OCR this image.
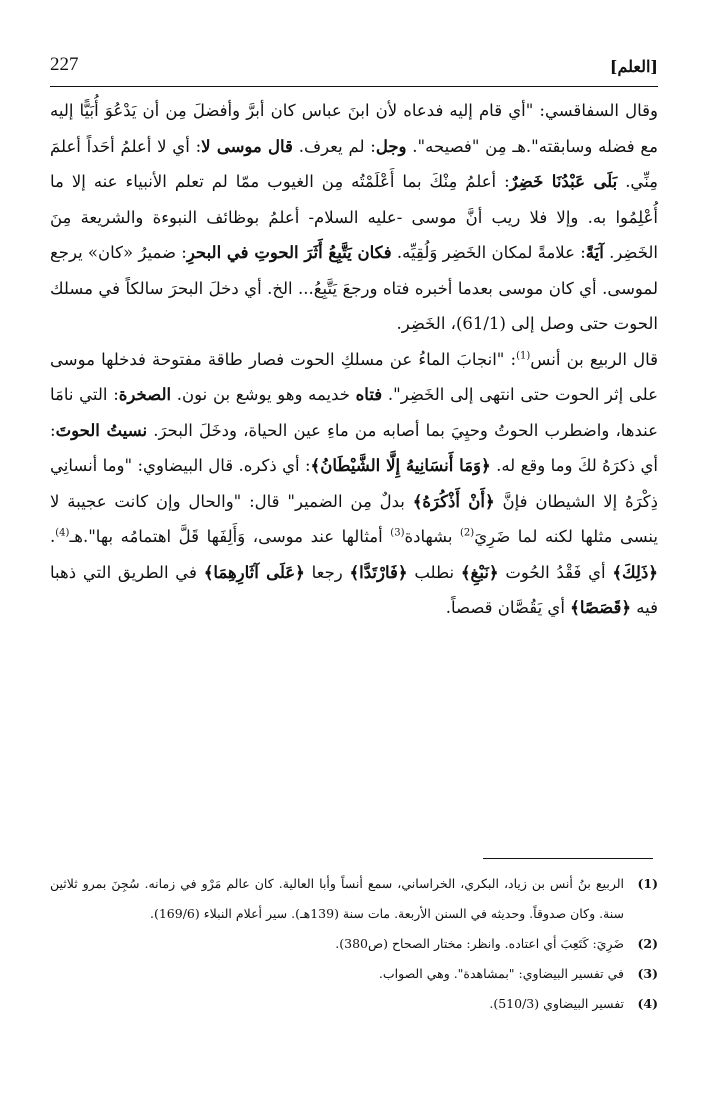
227	[العلم]

وقال السفاقسي: "أي قام إليه فدعاه لأن ابنَ عباس كان أبرَّ وأفضلَ مِن أن يَدْعُوَ أُبَيًّا إليه مع فضله وسابقته".هـ مِن "فصيحه". وجل: لم يعرف. قال موسى لا: أي لا أعلمُ أحَداً أعلمَ مِنِّي. بَلَى عَبْدُنَا خَضِرٌ: أعلمُ مِنْكَ بما أَعْلَمْتُه مِن الغيوب ممّا لم تعلم الأنبياء عنه إلا ما أُعْلِمُوا به. وإلا فلا ريب أنَّ موسى -عليه السلام- أعلمُ بوظائف النبوءة والشريعة مِنَ الخَضِر. آيَةً: علامةً لمكان الخَضِر وَلُقِيِّه. فكان يَتَّبِعُ أَثَرَ الحوتِ في البحرِ: ضميرُ «كان» يرجع لموسى. أي كان موسى بعدما أخبره فتاه ورجعَ يَتَّبِعُ... الخ. أي دخلَ البحرَ سالكاً في مسلك الحوت حتى وصل إلى (61/1)، الخَضِر.

قال الربيع بن أنس$^{(1)}$: "انجابَ الماءُ عن مسلكِ الحوت فصار طاقة مفتوحة فدخلها موسى على إثر الحوت حتى انتهى إلى الخَضِر". فتاه خديمه وهو يوشع بن نون. الصخرة: التي نامَا عندها، واضطرب الحوتُ وحيِيَ بما أصابه من ماءِ عين الحياة، ودخَلَ البحرَ. نسيتُ الحوتَ: أي ذكرَهُ لكَ وما وقع له. ﴿وَمَا أَنسَانِيهُ إِلَّا الشَّيْطَانُ﴾: أي ذكره. قال البيضاوي: "وما أنسانِي ذِكْرَهُ إلا الشيطان فإنَّ ﴿أَنْ أَذْكُرَهُ﴾ بدلٌ مِن الضمير" قال: "والحال وإن كانت عجيبة لا ينسى مثلها لكنه لما ضَرِيَ$^{(2)}$ بشهادة$^{(3)}$ أمثالها عند موسى، وَأَلِفَها قَلَّ اهتمامُه بها".هـ$^{(4)}$. ﴿ذَلِكَ﴾ أي فَقْدُ الحُوت ﴿نَبْغِ﴾ نطلب ﴿فَارْتَدَّا﴾ رجعا ﴿عَلَى آثَارِهِمَا﴾ في الطريق التي ذهبا فيه ﴿قَصَصًا﴾ أي يَقُصَّان قصصاً.

(1)
الربيع بنُ أنس بن زياد، البكري، الخراساني، سمع أنساً وأبا العالية. كان عالم مَرْو في زمانه. سُجِنَ بمرو ثلاثين سنة. وكان صدوقاً. وحديثه في السنن الأربعة. مات سنة (139هـ). سير أعلام النبلاء (169/6).
(2)
ضَرِيَ: كَتَعِبَ أي اعتاده. وانظر: مختار الصحاح (ص380).
(3)
في تفسير البيضاوي: "بمشاهدة". وهي الصواب.
(4)
تفسير البيضاوي (510/3).
